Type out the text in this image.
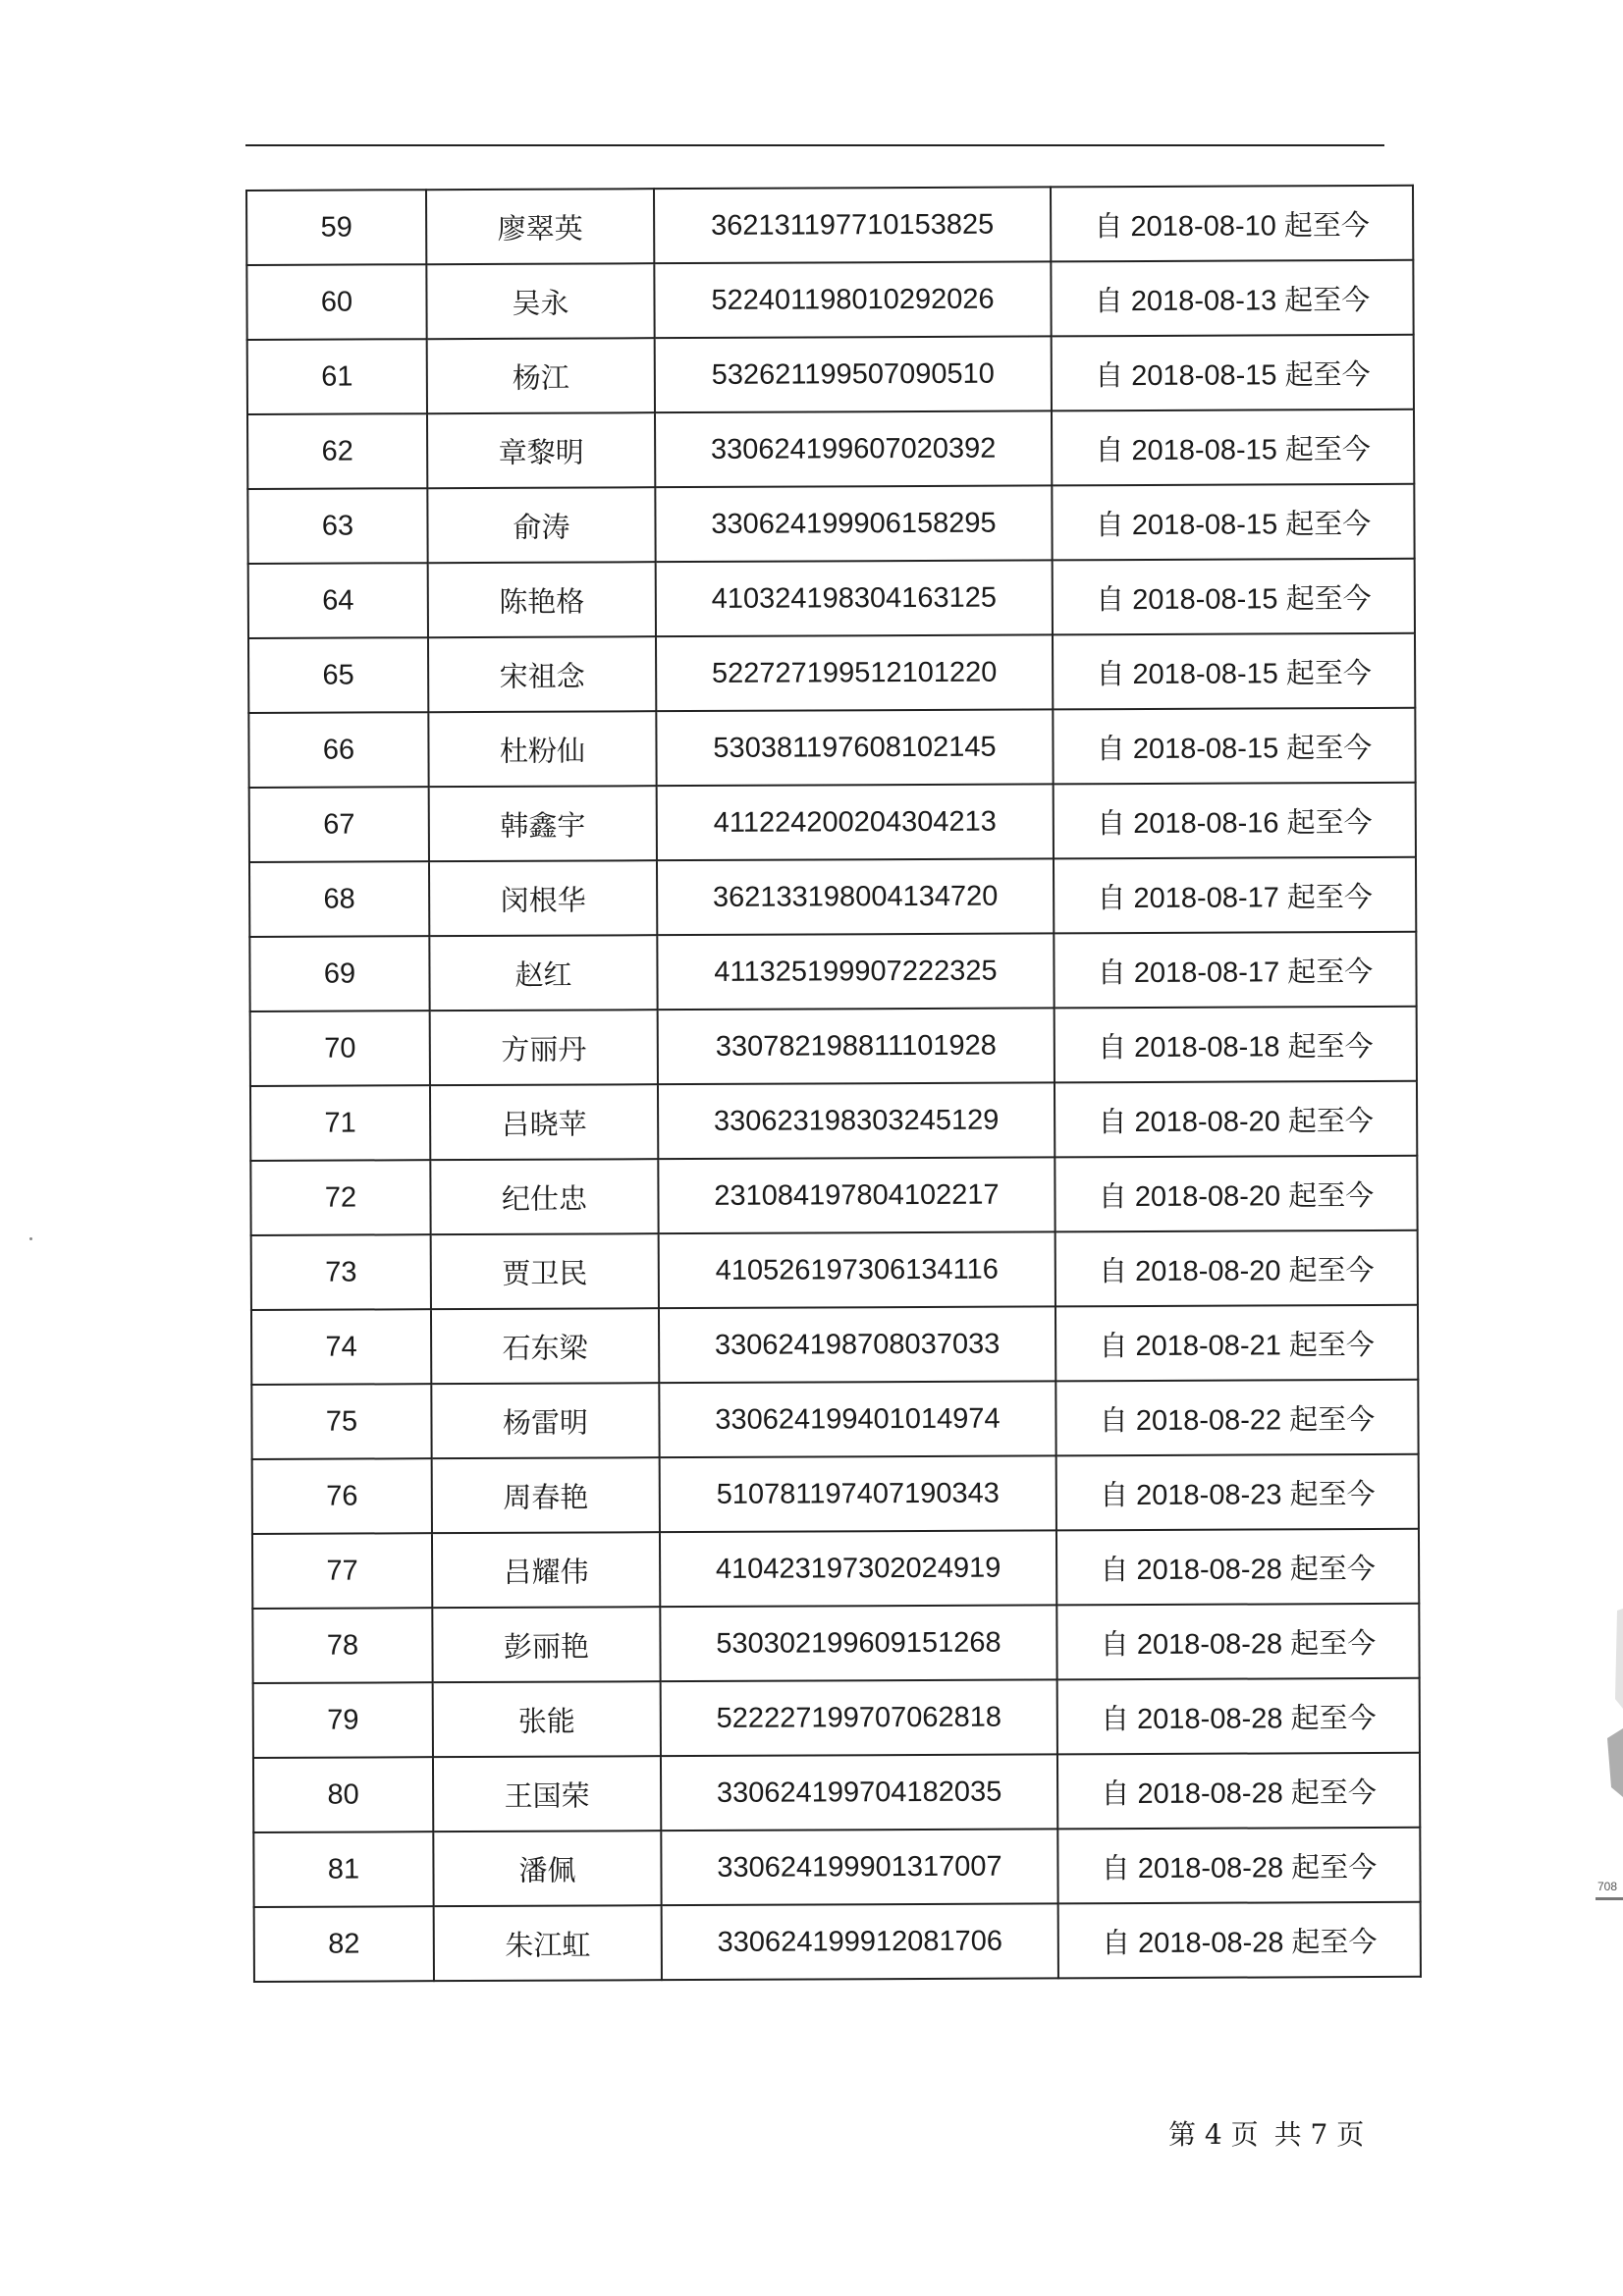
59	廖翠英	362131197710153825	自 2018-08-10 起至今
60	吴永	522401198010292026	自 2018-08-13 起至今
61	杨江	532621199507090510	自 2018-08-15 起至今
62	章黎明	330624199607020392	自 2018-08-15 起至今
63	俞涛	330624199906158295	自 2018-08-15 起至今
64	陈艳格	410324198304163125	自 2018-08-15 起至今
65	宋祖念	522727199512101220	自 2018-08-15 起至今
66	杜粉仙	530381197608102145	自 2018-08-15 起至今
67	韩鑫宇	411224200204304213	自 2018-08-16 起至今
68	闵根华	362133198004134720	自 2018-08-17 起至今
69	赵红	411325199907222325	自 2018-08-17 起至今
70	方丽丹	330782198811101928	自 2018-08-18 起至今
71	吕晓苹	330623198303245129	自 2018-08-20 起至今
72	纪仕忠	231084197804102217	自 2018-08-20 起至今
73	贾卫民	410526197306134116	自 2018-08-20 起至今
74	石东梁	330624198708037033	自 2018-08-21 起至今
75	杨雷明	330624199401014974	自 2018-08-22 起至今
76	周春艳	510781197407190343	自 2018-08-23 起至今
77	吕耀伟	410423197302024919	自 2018-08-28 起至今
78	彭丽艳	530302199609151268	自 2018-08-28 起至今
79	张能	522227199707062818	自 2018-08-28 起至今
80	王国荣	330624199704182035	自 2018-08-28 起至今
81	潘佩	330624199901317007	自 2018-08-28 起至今
82	朱江虹	330624199912081706	自 2018-08-28 起至今
第 4 页 共 7 页
708
